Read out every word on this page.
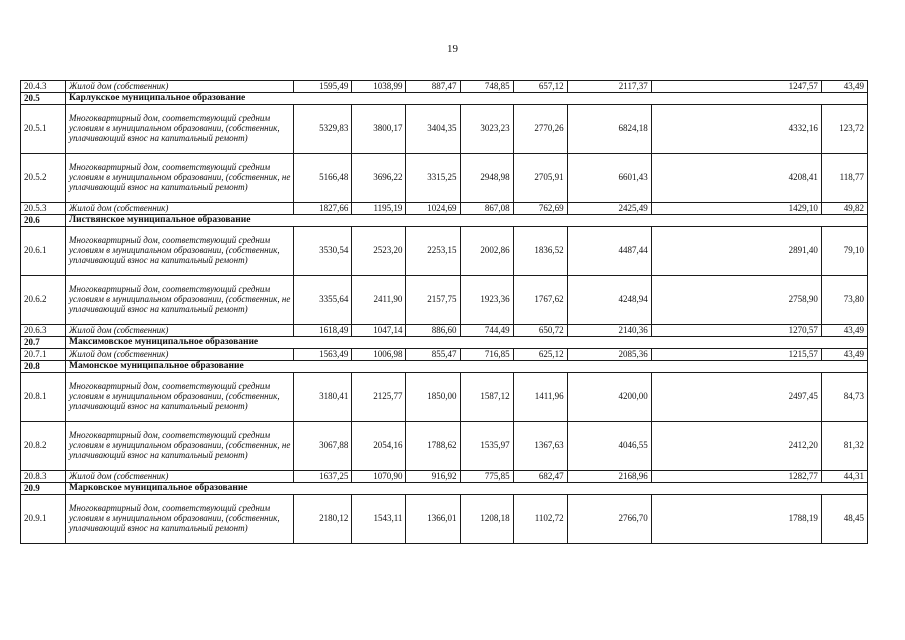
19
20.4.3	Жилой дом (собственник)	1595,49	1038,99	887,47	748,85	657,12	2117,37	1247,57	43,49
20.5	Карлукское муниципальное образование								
20.5.1	Многоквартирный дом, соответствующий средним условиям в муниципальном образовании, (собственник, уплачивающий взнос на капитальный ремонт)	5329,83	3800,17	3404,35	3023,23	2770,26	6824,18	4332,16	123,72
20.5.2	Многоквартирный дом, соответствующий средним условиям в муниципальном образовании, (собственник, не уплачивающий взнос на капитальный ремонт)	5166,48	3696,22	3315,25	2948,98	2705,91	6601,43	4208,41	118,77
20.5.3	Жилой дом (собственник)	1827,66	1195,19	1024,69	867,08	762,69	2425,49	1429,10	49,82
20.6	Листвянское муниципальное образование								
20.6.1	Многоквартирный дом, соответствующий средним условиям в муниципальном образовании, (собственник, уплачивающий взнос на капитальный ремонт)	3530,54	2523,20	2253,15	2002,86	1836,52	4487,44	2891,40	79,10
20.6.2	Многоквартирный дом, соответствующий средним условиям в муниципальном образовании, (собственник, не уплачивающий взнос на капитальный ремонт)	3355,64	2411,90	2157,75	1923,36	1767,62	4248,94	2758,90	73,80
20.6.3	Жилой дом (собственник)	1618,49	1047,14	886,60	744,49	650,72	2140,36	1270,57	43,49
20.7	Максимовское муниципальное образование								
20.7.1	Жилой дом (собственник)	1563,49	1006,98	855,47	716,85	625,12	2085,36	1215,57	43,49
20.8	Мамонское муниципальное образование								
20.8.1	Многоквартирный дом, соответствующий средним условиям в муниципальном образовании, (собственник, уплачивающий взнос на капитальный ремонт)	3180,41	2125,77	1850,00	1587,12	1411,96	4200,00	2497,45	84,73
20.8.2	Многоквартирный дом, соответствующий средним условиям в муниципальном образовании, (собственник, не уплачивающий взнос на капитальный ремонт)	3067,88	2054,16	1788,62	1535,97	1367,63	4046,55	2412,20	81,32
20.8.3	Жилой дом (собственник)	1637,25	1070,90	916,92	775,85	682,47	2168,96	1282,77	44,31
20.9	Марковское муниципальное образование								
20.9.1	Многоквартирный дом, соответствующий средним условиям в муниципальном образовании, (собственник, уплачивающий взнос на капитальный ремонт)	2180,12	1543,11	1366,01	1208,18	1102,72	2766,70	1788,19	48,45
